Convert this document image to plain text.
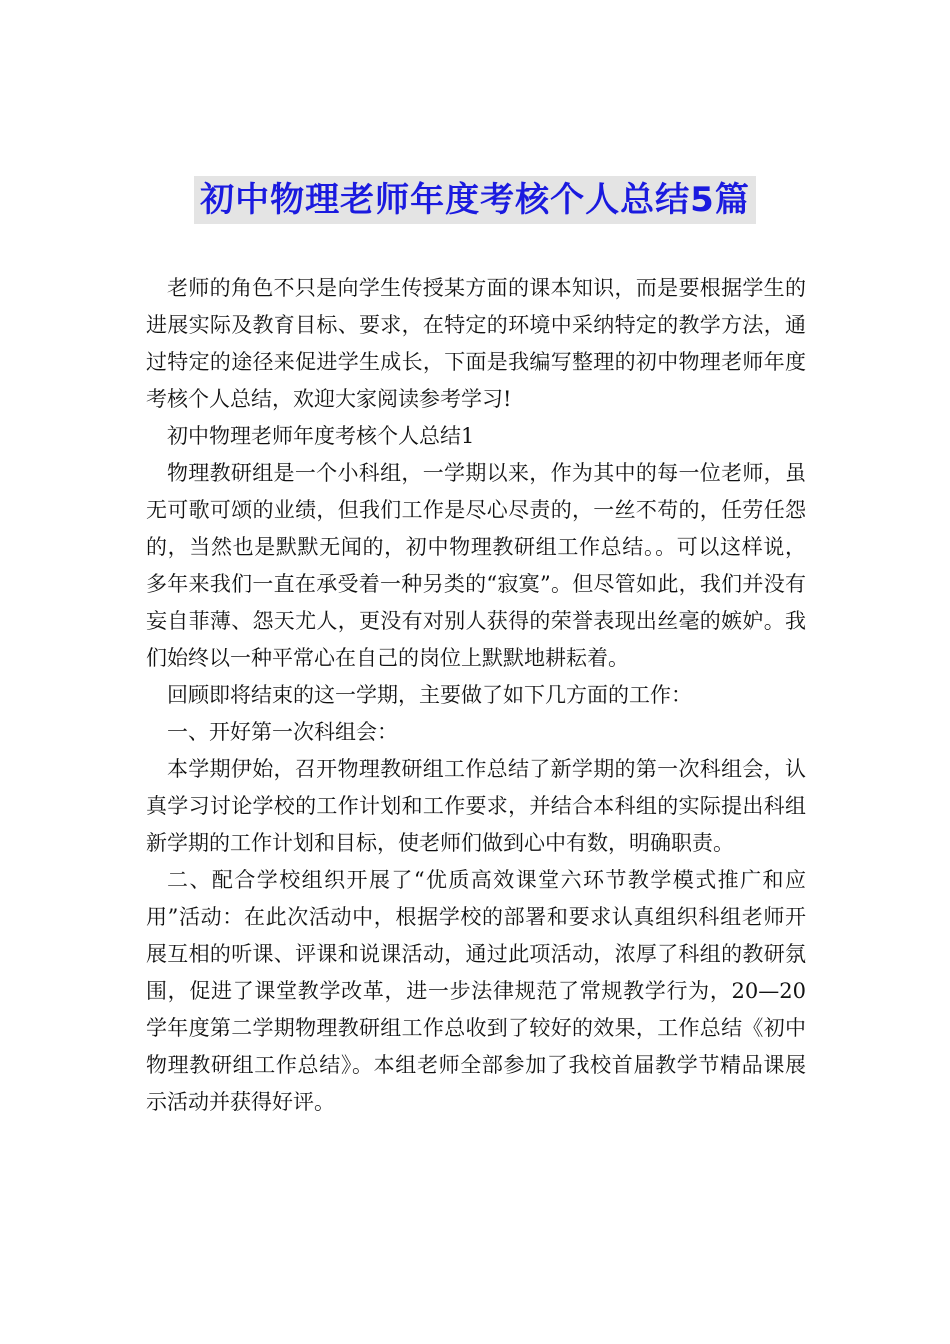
初中物理老师年度考核个人总结5篇

老师的角色不只是向学生传授某方面的课本知识，而是要根据学生的进展实际及教育目标、要求，在特定的环境中采纳特定的教学方法，通过特定的途径来促进学生成长，下面是我编写整理的初中物理老师年度考核个人总结，欢迎大家阅读参考学习!

初中物理老师年度考核个人总结1

物理教研组是一个小科组，一学期以来，作为其中的每一位老师，虽无可歌可颂的业绩，但我们工作是尽心尽责的，一丝不苟的，任劳任怨的，当然也是默默无闻的，初中物理教研组工作总结。。可以这样说，多年来我们一直在承受着一种另类的“寂寞”。但尽管如此，我们并没有妄自菲薄、怨天尤人，更没有对别人获得的荣誉表现出丝毫的嫉妒。我们始终以一种平常心在自己的岗位上默默地耕耘着。

回顾即将结束的这一学期，主要做了如下几方面的工作：

一、开好第一次科组会：

本学期伊始，召开物理教研组工作总结了新学期的第一次科组会，认真学习讨论学校的工作计划和工作要求，并结合本科组的实际提出科组新学期的工作计划和目标，使老师们做到心中有数，明确职责。

二、配合学校组织开展了“优质高效课堂六环节教学模式推广和应用”活动：在此次活动中，根据学校的部署和要求认真组织科组老师开展互相的听课、评课和说课活动，通过此项活动，浓厚了科组的教研氛围，促进了课堂教学改革，进一步法律规范了常规教学行为，20—20学年度第二学期物理教研组工作总收到了较好的效果，工作总结《初中物理教研组工作总结》。本组老师全部参加了我校首届教学节精品课展示活动并获得好评。
